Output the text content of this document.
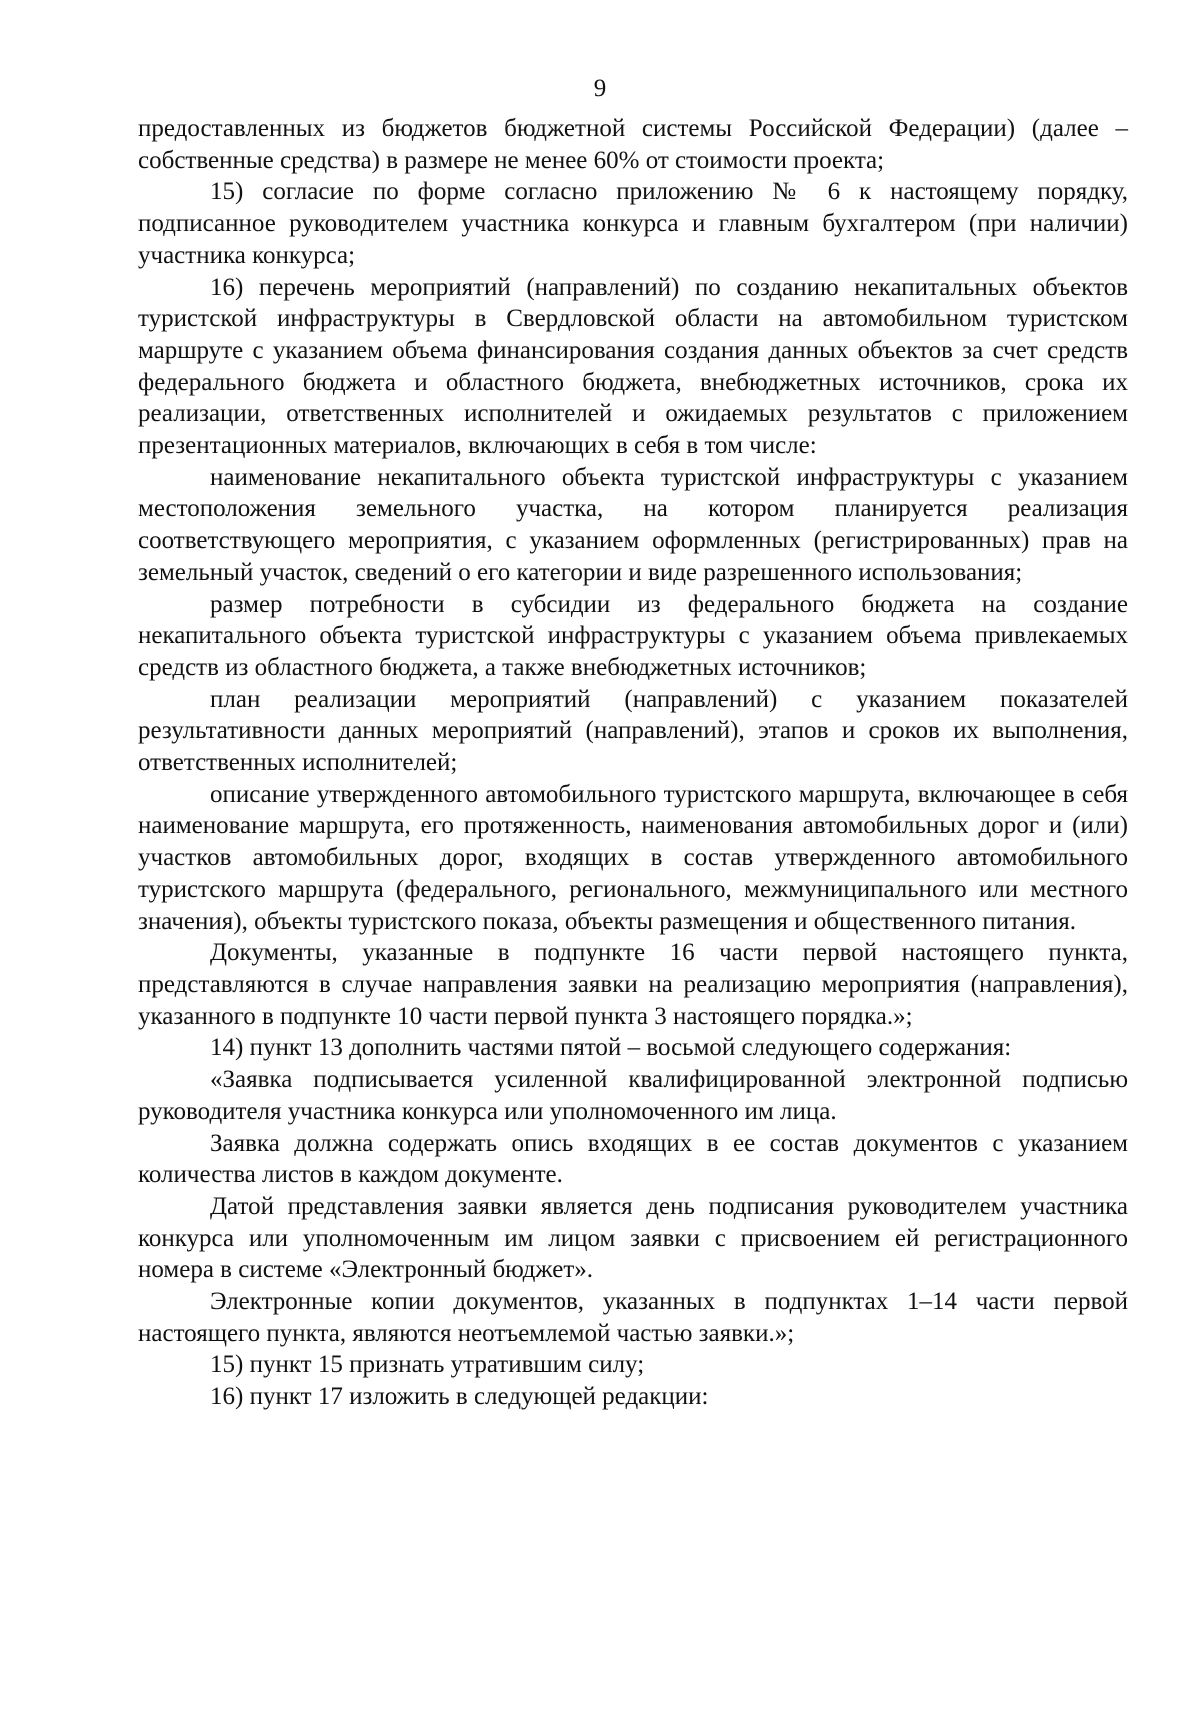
9

предоставленных из бюджетов бюджетной системы Российской Федерации) (далее – собственные средства) в размере не менее 60% от стоимости проекта;

15) согласие по форме согласно приложению № 6 к настоящему порядку, подписанное руководителем участника конкурса и главным бухгалтером (при наличии) участника конкурса;

16) перечень мероприятий (направлений) по созданию некапитальных объектов туристской инфраструктуры в Свердловской области на автомобильном туристском маршруте с указанием объема финансирования создания данных объектов за счет средств федерального бюджета и областного бюджета, внебюджетных источников, срока их реализации, ответственных исполнителей и ожидаемых результатов с приложением презентационных материалов, включающих в себя в том числе:

наименование некапитального объекта туристской инфраструктуры с указанием местоположения земельного участка, на котором планируется реализация соответствующего мероприятия, с указанием оформленных (регистрированных) прав на земельный участок, сведений о его категории и виде разрешенного использования;

размер потребности в субсидии из федерального бюджета на создание некапитального объекта туристской инфраструктуры с указанием объема привлекаемых средств из областного бюджета, а также внебюджетных источников;

план реализации мероприятий (направлений) с указанием показателей результативности данных мероприятий (направлений), этапов и сроков их выполнения, ответственных исполнителей;

описание утвержденного автомобильного туристского маршрута, включающее в себя наименование маршрута, его протяженность, наименования автомобильных дорог и (или) участков автомобильных дорог, входящих в состав утвержденного автомобильного туристского маршрута (федерального, регионального, межмуниципального или местного значения), объекты туристского показа, объекты размещения и общественного питания.

Документы, указанные в подпункте 16 части первой настоящего пункта, представляются в случае направления заявки на реализацию мероприятия (направления), указанного в подпункте 10 части первой пункта 3 настоящего порядка.»;

14) пункт 13 дополнить частями пятой – восьмой следующего содержания:

«Заявка подписывается усиленной квалифицированной электронной подписью руководителя участника конкурса или уполномоченного им лица.

Заявка должна содержать опись входящих в ее состав документов с указанием количества листов в каждом документе.

Датой представления заявки является день подписания руководителем участника конкурса или уполномоченным им лицом заявки с присвоением ей регистрационного номера в системе «Электронный бюджет».

Электронные копии документов, указанных в подпунктах 1–14 части первой настоящего пункта, являются неотъемлемой частью заявки.»;

15) пункт 15 признать утратившим силу;

16) пункт 17 изложить в следующей редакции:
